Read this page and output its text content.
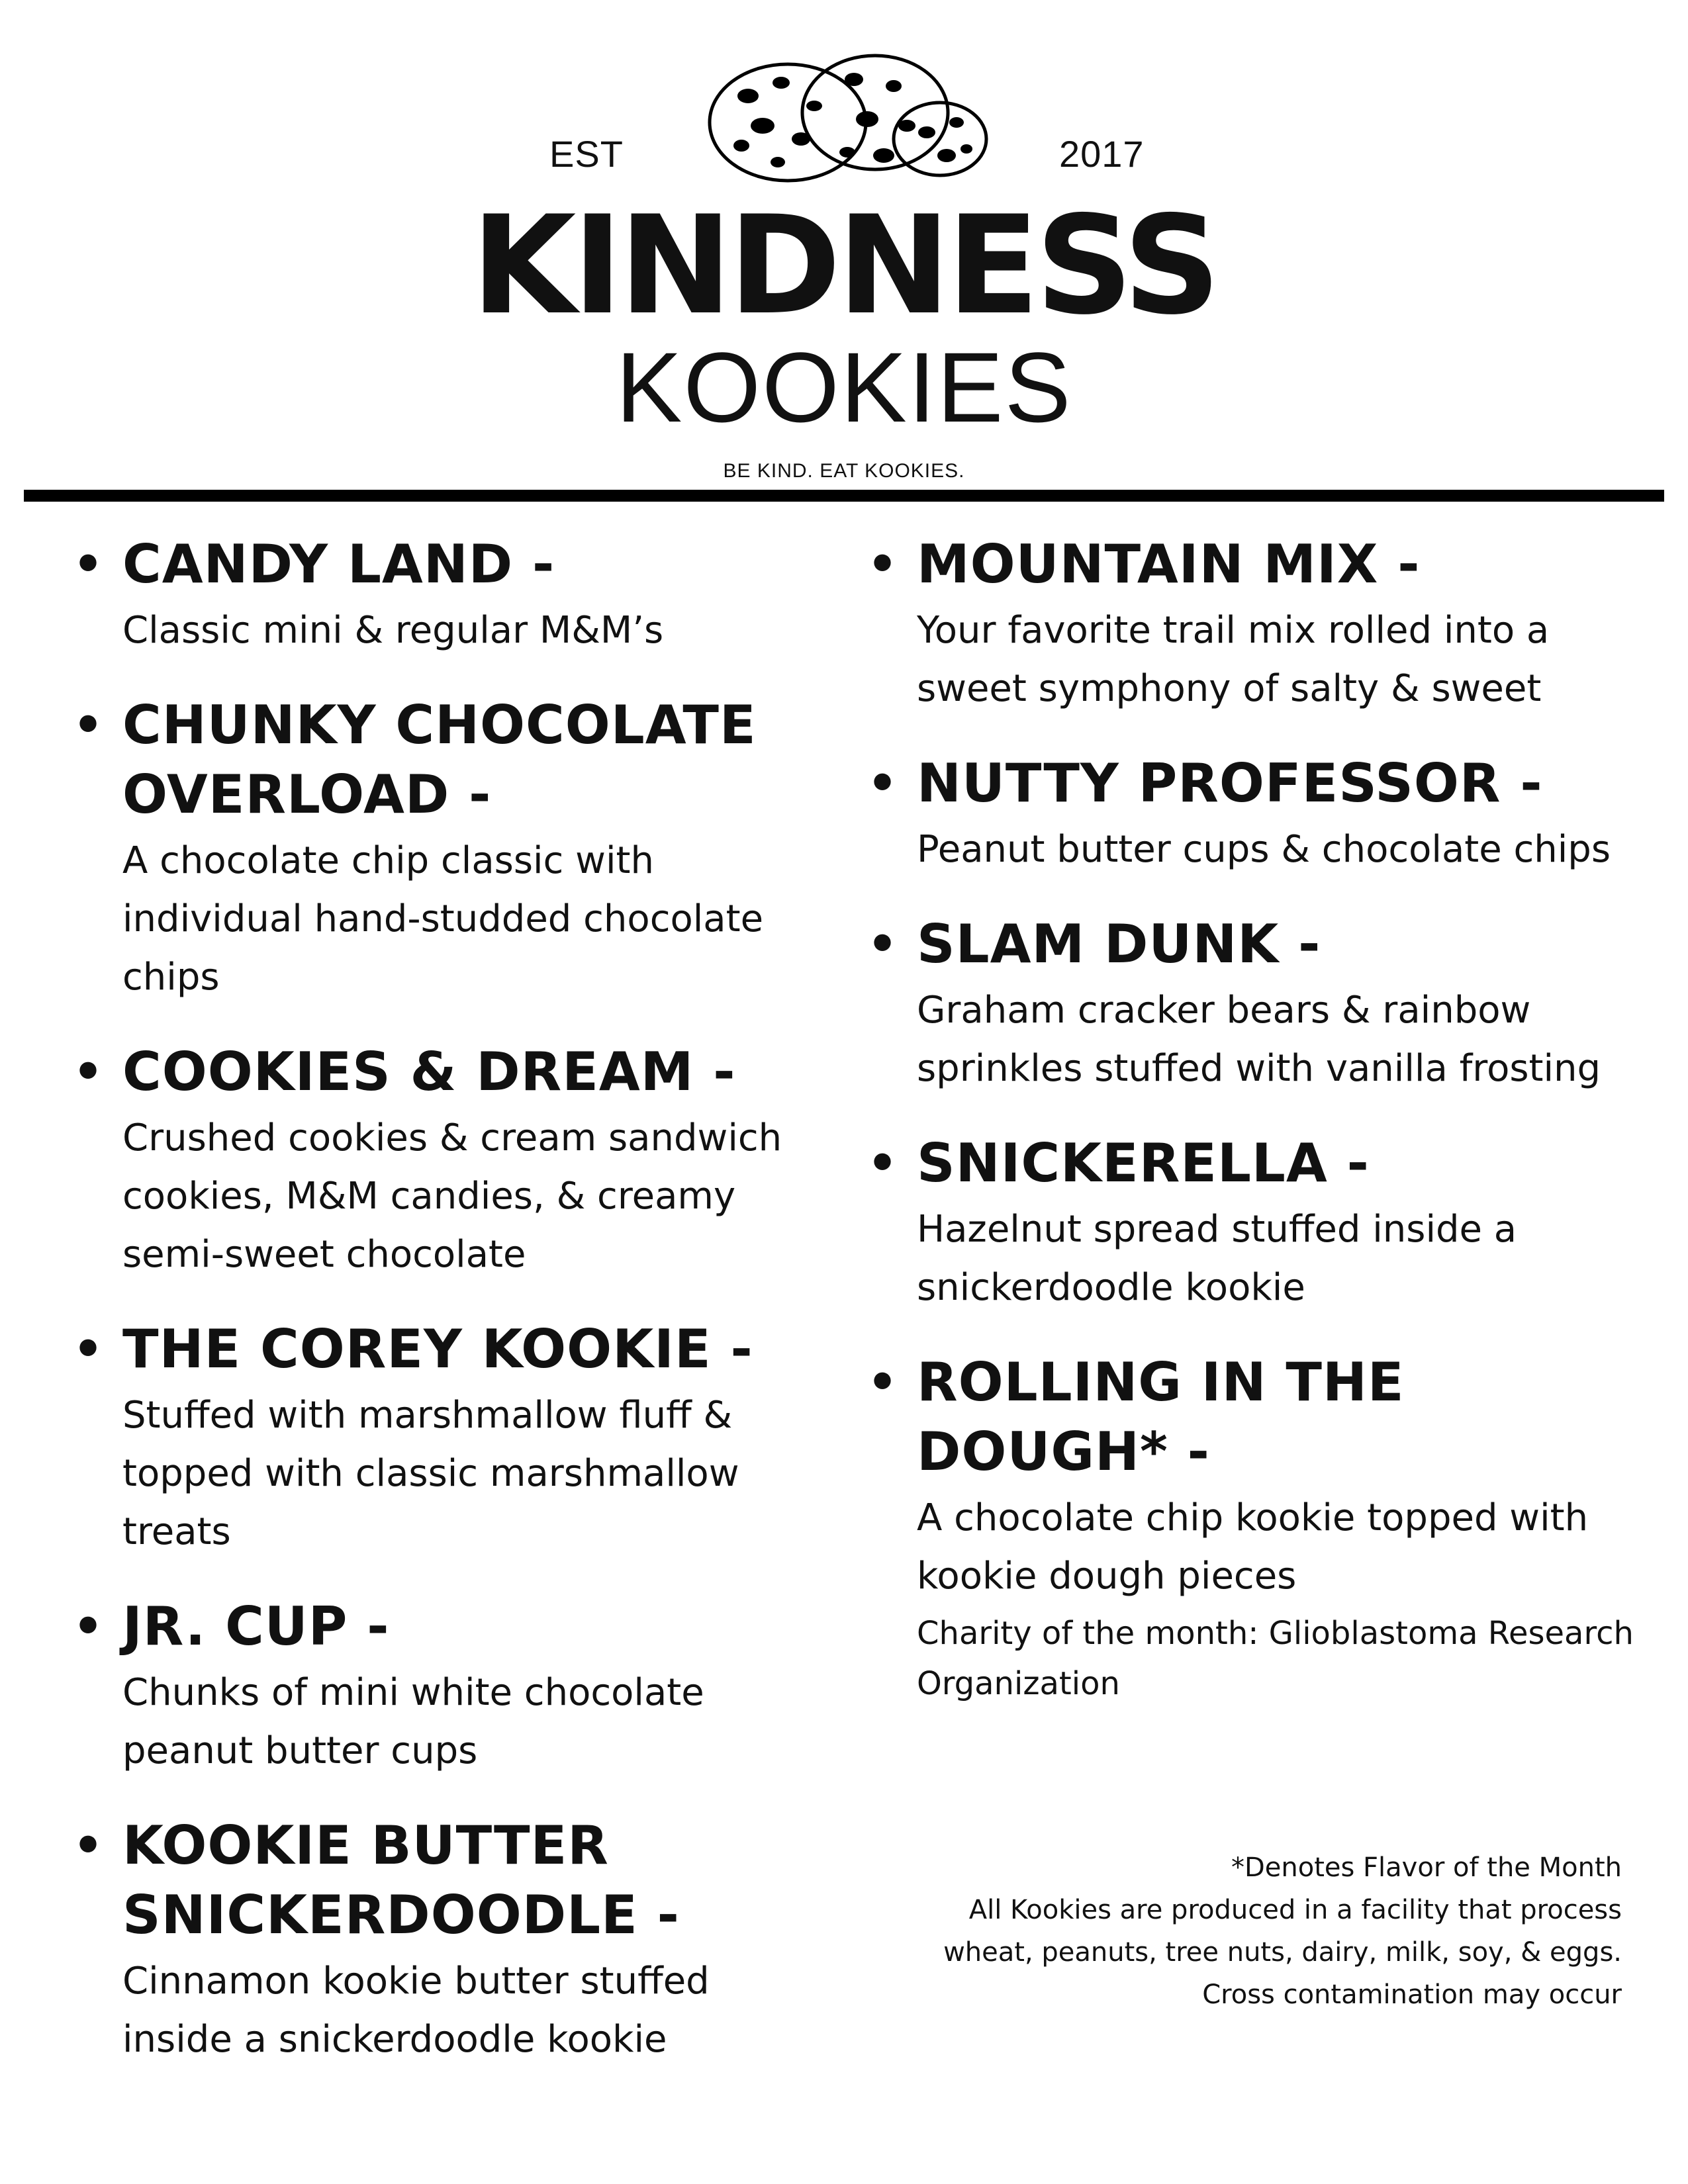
EST	2017
KINDNESS
KOOKIES
BE KIND. EAT KOOKIES.
• CANDY LAND -
Classic mini & regular M&M’s
• CHUNKY CHOCOLATE OVERLOAD -
A chocolate chip classic with individual hand-studded chocolate chips
• COOKIES & DREAM -
Crushed cookies & cream sandwich cookies, M&M candies, & creamy semi-sweet chocolate
• THE COREY KOOKIE -
Stuffed with marshmallow fluff & topped with classic marshmallow treats
• JR. CUP -
Chunks of mini white chocolate peanut butter cups
• KOOKIE BUTTER SNICKERDOODLE -
Cinnamon kookie butter stuffed inside a snickerdoodle kookie
• MOUNTAIN MIX -
Your favorite trail mix rolled into a sweet symphony of salty & sweet
• NUTTY PROFESSOR -
Peanut butter cups & chocolate chips
• SLAM DUNK -
Graham cracker bears & rainbow sprinkles stuffed with vanilla frosting
• SNICKERELLA -
Hazelnut spread stuffed inside a snickerdoodle kookie
• ROLLING IN THE DOUGH* -
A chocolate chip kookie topped with kookie dough pieces
Charity of the month: Glioblastoma Research Organization
*Denotes Flavor of the Month
All Kookies are produced in a facility that process
wheat, peanuts, tree nuts, dairy, milk, soy, & eggs.
Cross contamination may occur
